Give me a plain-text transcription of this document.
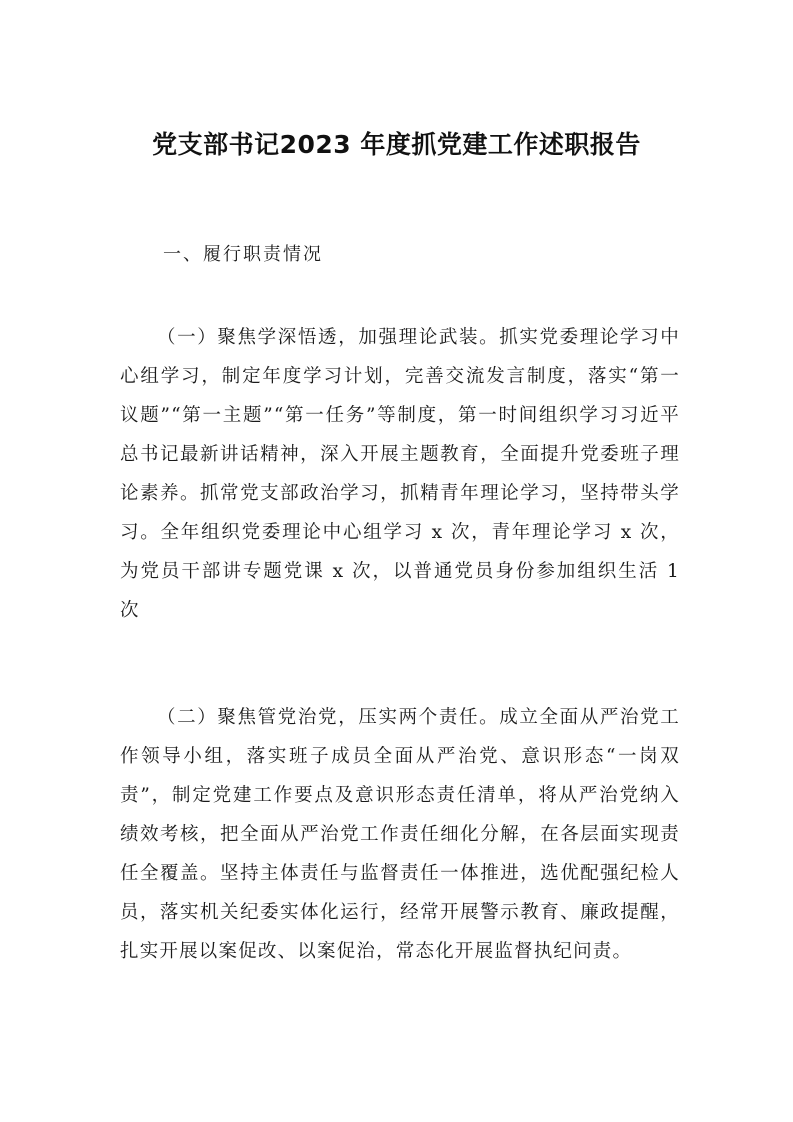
党支部书记2023 年度抓党建工作述职报告
一、履行职责情况

（一）聚焦学深悟透，加强理论武装。抓实党委理论学习中心组学习，制定年度学习计划，完善交流发言制度，落实“第一议题”“第一主题”“第一任务”等制度，第一时间组织学习习近平总书记最新讲话精神，深入开展主题教育，全面提升党委班子理论素养。抓常党支部政治学习，抓精青年理论学习，坚持带头学习。全年组织党委理论中心组学习 x 次，青年理论学习 x 次，为党员干部讲专题党课 x 次，以普通党员身份参加组织生活 1 次

（二）聚焦管党治党，压实两个责任。成立全面从严治党工作领导小组，落实班子成员全面从严治党、意识形态“一岗双责”，制定党建工作要点及意识形态责任清单，将从严治党纳入绩效考核，把全面从严治党工作责任细化分解，在各层面实现责任全覆盖。坚持主体责任与监督责任一体推进，选优配强纪检人员，落实机关纪委实体化运行，经常开展警示教育、廉政提醒，扎实开展以案促改、以案促治，常态化开展监督执纪问责。
